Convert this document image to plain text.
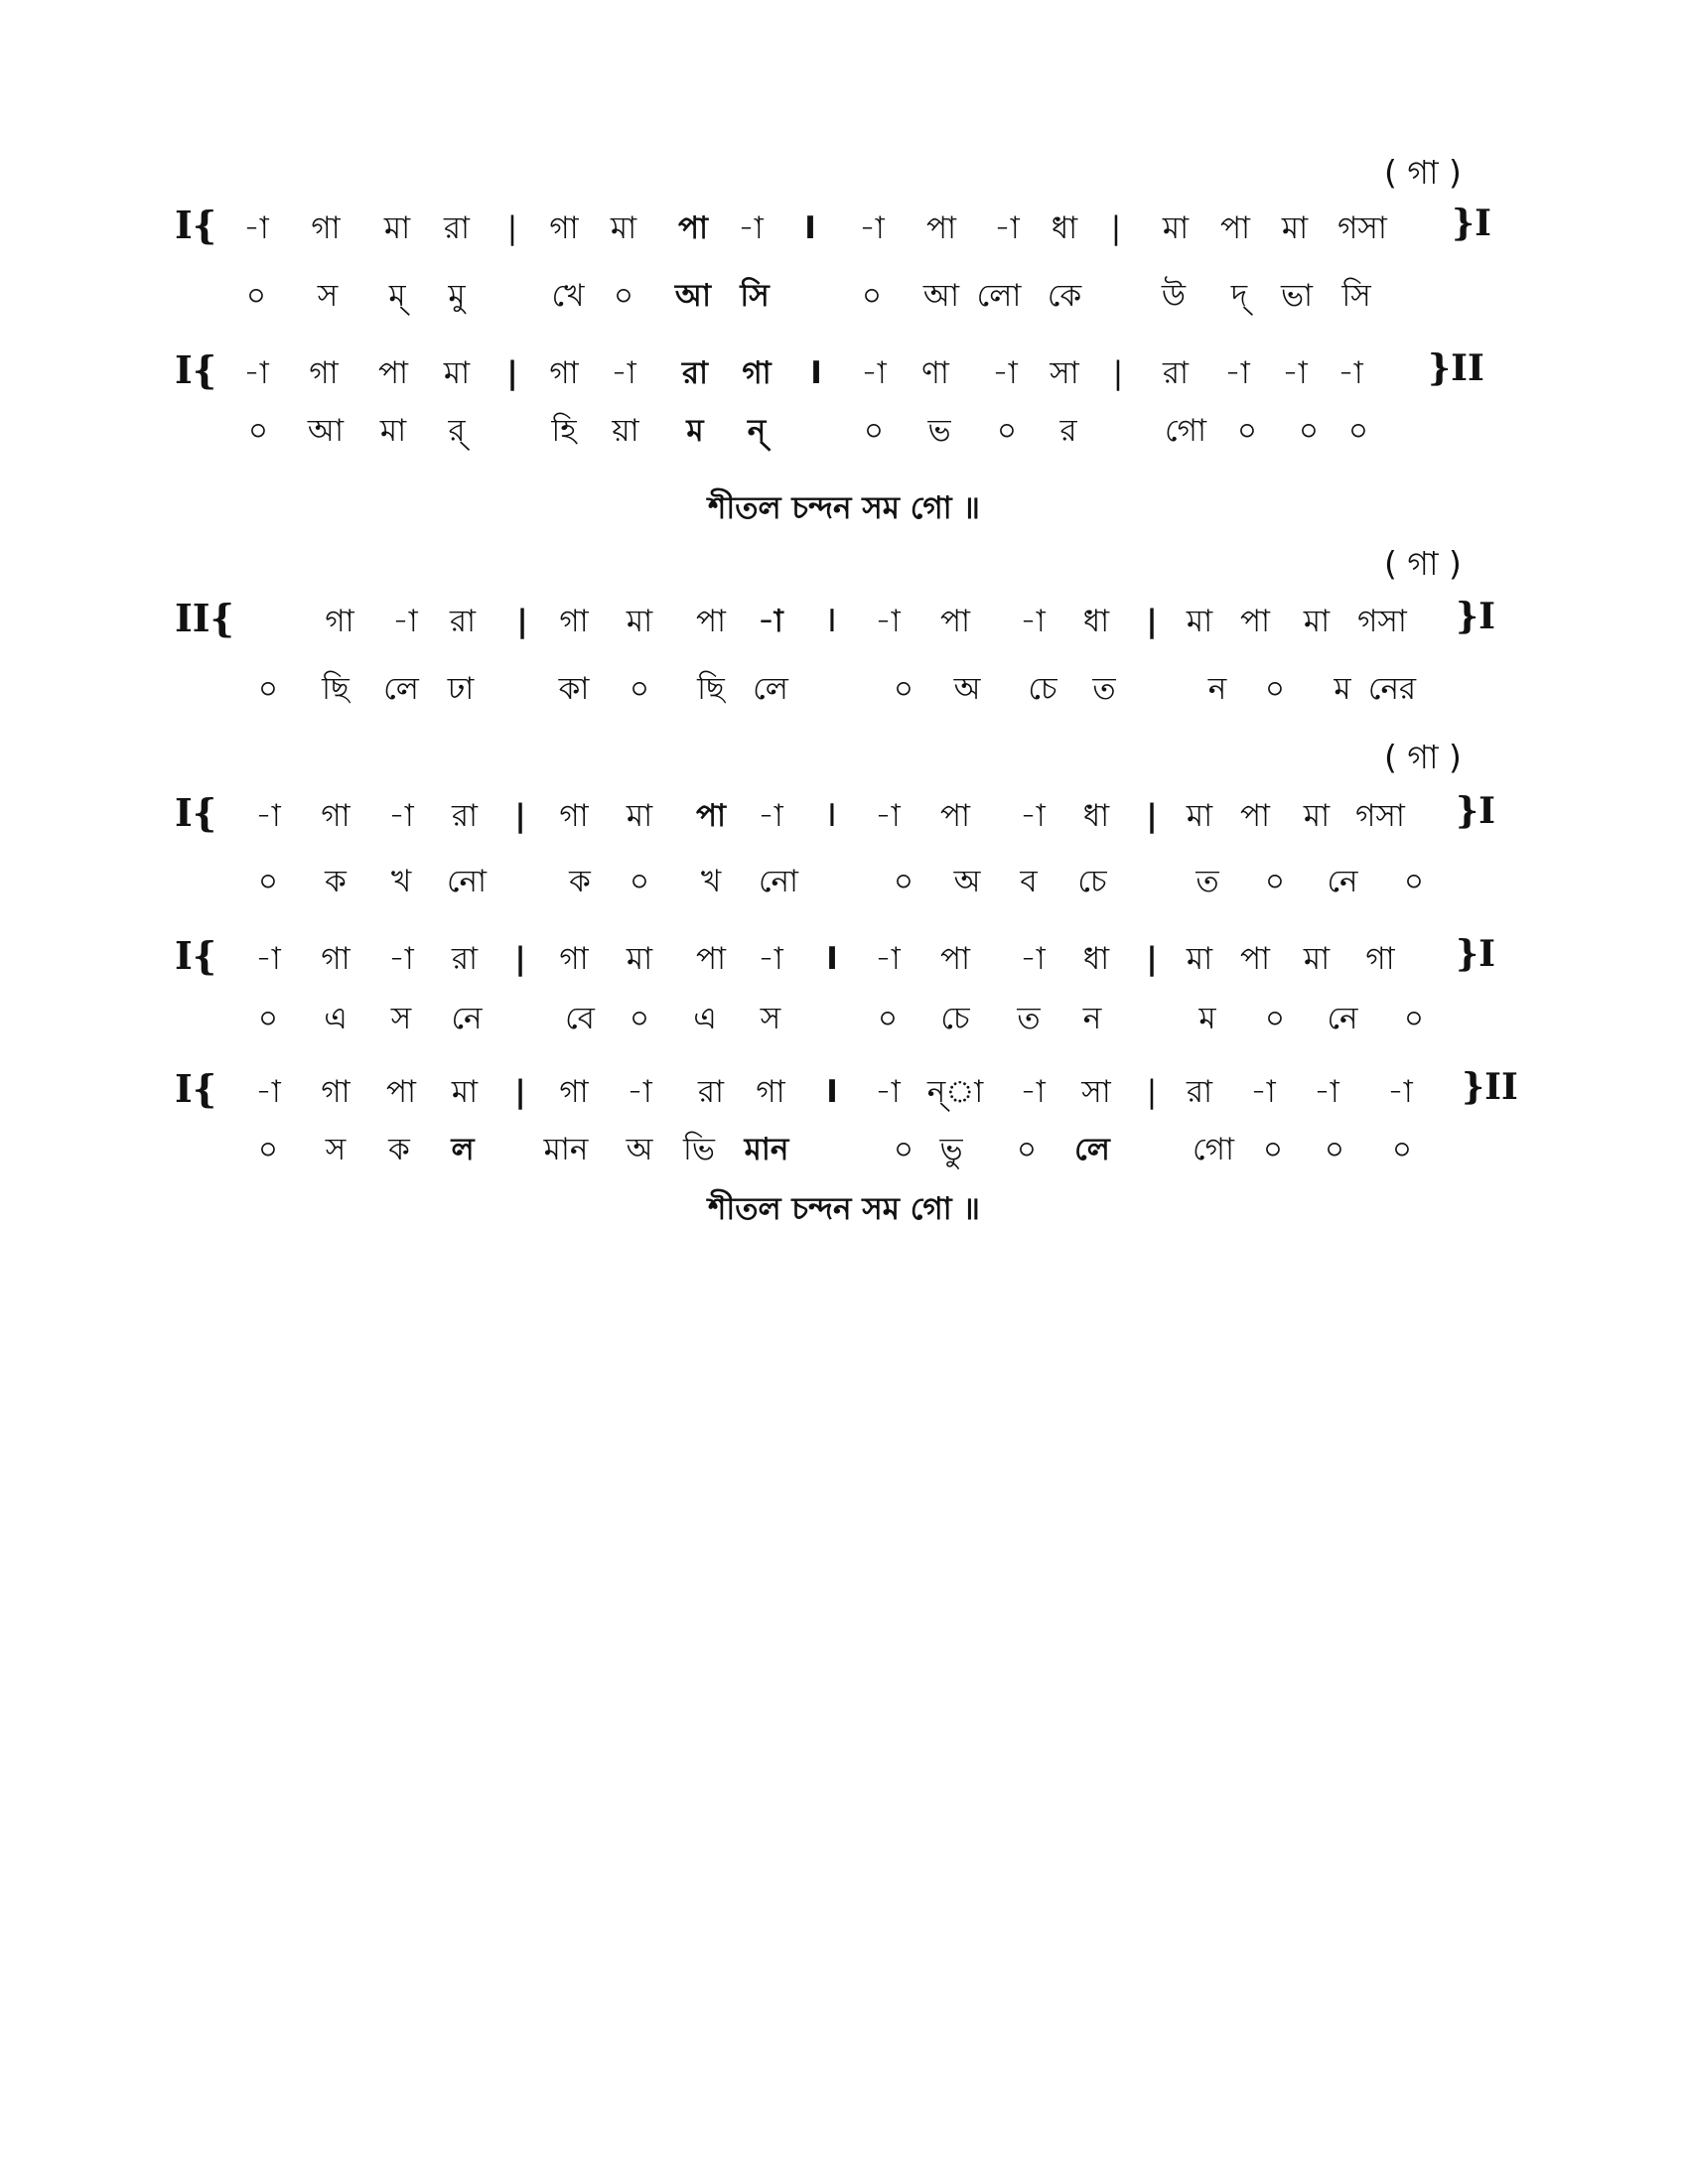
( গা )
I{ -া গা মা রা | গা মা পা -া I -া পা -া ধা | মা পা মা গসা }I
০ স ম্ মু	খে ০ আ সি	০ আ লো কে	উ দ্ ভা সি
I{ -া গা পা মা | গা -া রা গা I -া ণা -া সা | রা -া -া -া }II
০ আ মা র্	হি য়া ম ন্	০ ভ ০ র	গো ০ ০ ০
শীতল চন্দন সম গো ॥
( গা )
II{	গা -া রা | গা মা পা -া I -া পা -া ধা | মা পা মা গসা }I
০ ছি লে ঢা	কা ০ ছি লে	০ অ চে ত	ন ০ ম নের
( গা )
I{ -া গা -া রা | গা মা পা -া I -া পা -া ধা | মা পা মা গসা }I
০ ক খ নো	ক ০ খ নো	০ অ ব চে	ত ০ নে ০
I{ -া গা -া রা | গা মা পা -া I -া পা -া ধা | মা পা মা গা }I
০ এ স নে	বে ০ এ স	০ চে ত ন	ম ০ নে ০
I{ -া গা পা মা | গা -া রা গা I -া ন্া -া সা | রা -া -া -া }II
০ স ক ল মান অ ভি মান	০ ভু ০ লে	গো ০ ০ ০
শীতল চন্দন সম গো ॥
